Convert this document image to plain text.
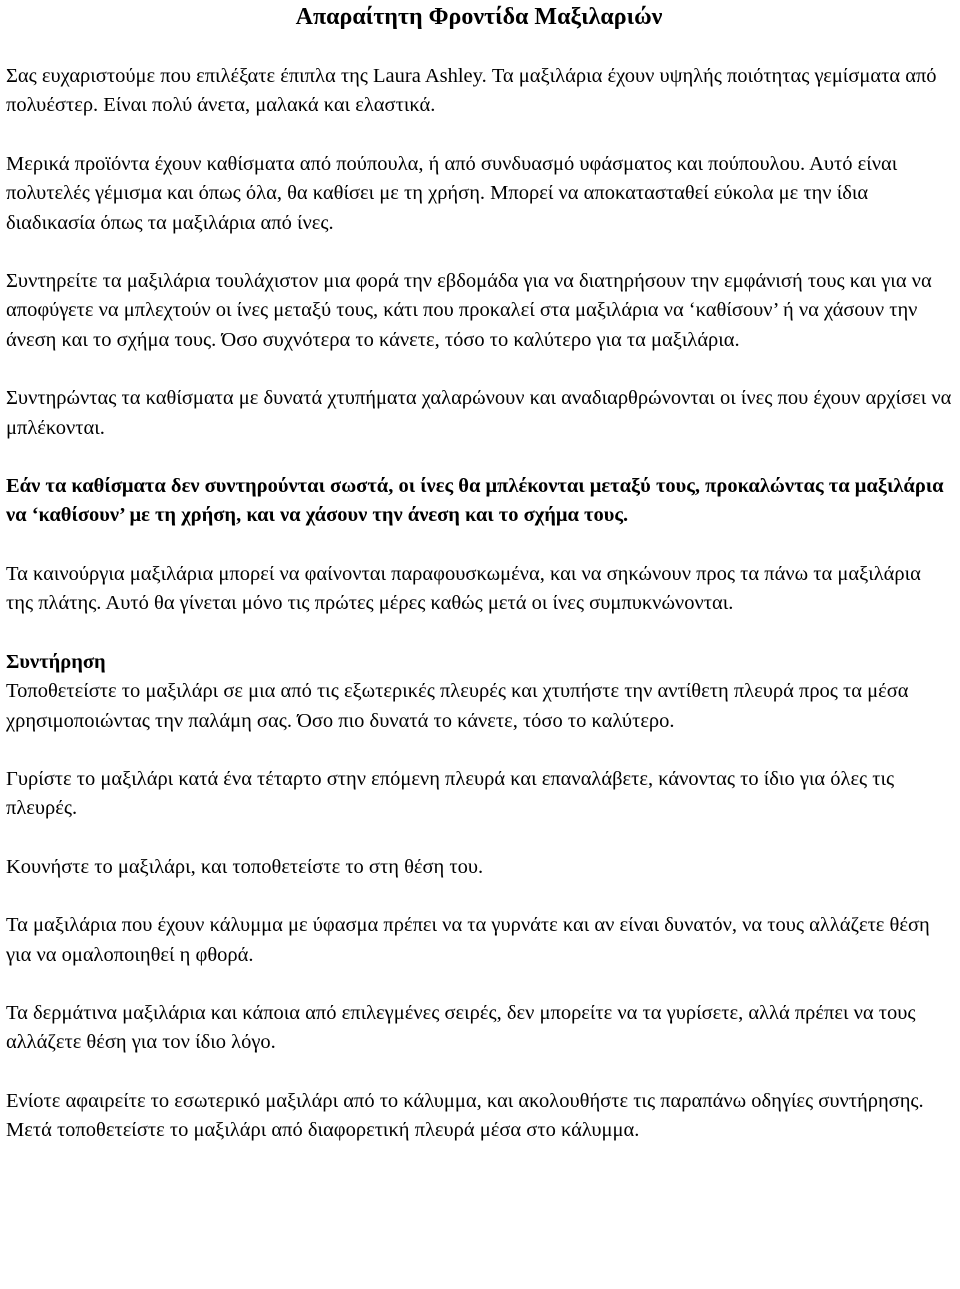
Απαραίτητη Φροντίδα Μαξιλαριών

Σας ευχαριστούμε που επιλέξατε έπιπλα της Laura Ashley. Τα μαξιλάρια έχουν υψηλής ποιότητας γεμίσματα από πολυέστερ. Είναι πολύ άνετα, μαλακά και ελαστικά.

Μερικά προϊόντα έχουν καθίσματα από πούπουλα, ή από συνδυασμό υφάσματος και πούπουλου. Αυτό είναι πολυτελές γέμισμα και όπως όλα, θα καθίσει με τη χρήση. Μπορεί να αποκατασταθεί εύκολα με την ίδια διαδικασία όπως τα μαξιλάρια από ίνες.

Συντηρείτε τα μαξιλάρια τουλάχιστον μια φορά την εβδομάδα για να διατηρήσουν την εμφάνισή τους και για να αποφύγετε να μπλεχτούν οι ίνες μεταξύ τους, κάτι που προκαλεί στα μαξιλάρια να ‘καθίσουν’ ή να χάσουν την άνεση και το σχήμα τους. Όσο συχνότερα το κάνετε, τόσο το καλύτερο για τα μαξιλάρια.

Συντηρώντας τα καθίσματα με δυνατά χτυπήματα χαλαρώνουν και αναδιαρθρώνονται οι ίνες που έχουν αρχίσει να μπλέκονται.

Εάν τα καθίσματα δεν συντηρούνται σωστά, οι ίνες θα μπλέκονται μεταξύ τους, προκαλώντας τα μαξιλάρια να ‘καθίσουν’ με τη χρήση, και να χάσουν την άνεση και το σχήμα τους.

Τα καινούργια μαξιλάρια μπορεί να φαίνονται παραφουσκωμένα, και να σηκώνουν προς τα πάνω τα μαξιλάρια της πλάτης. Αυτό θα γίνεται μόνο τις πρώτες μέρες καθώς μετά οι ίνες συμπυκνώνονται.

Συντήρηση

Τοποθετείστε το μαξιλάρι σε μια από τις εξωτερικές πλευρές και χτυπήστε την αντίθετη πλευρά προς τα μέσα χρησιμοποιώντας την παλάμη σας. Όσο πιο δυνατά το κάνετε, τόσο το καλύτερο.

Γυρίστε το μαξιλάρι κατά ένα τέταρτο στην επόμενη πλευρά και επαναλάβετε, κάνοντας το ίδιο για όλες τις πλευρές.

Κουνήστε το μαξιλάρι, και τοποθετείστε το στη θέση του.

Τα μαξιλάρια που έχουν κάλυμμα με ύφασμα πρέπει να τα γυρνάτε και αν είναι δυνατόν, να τους αλλάζετε θέση για να ομαλοποιηθεί η φθορά.

Τα δερμάτινα μαξιλάρια και κάποια από επιλεγμένες σειρές, δεν μπορείτε να τα γυρίσετε, αλλά πρέπει να τους αλλάζετε θέση για τον ίδιο λόγο.

Ενίοτε αφαιρείτε το εσωτερικό μαξιλάρι από το κάλυμμα, και ακολουθήστε τις παραπάνω οδηγίες συντήρησης. Μετά τοποθετείστε το μαξιλάρι από διαφορετική πλευρά μέσα στο κάλυμμα.
